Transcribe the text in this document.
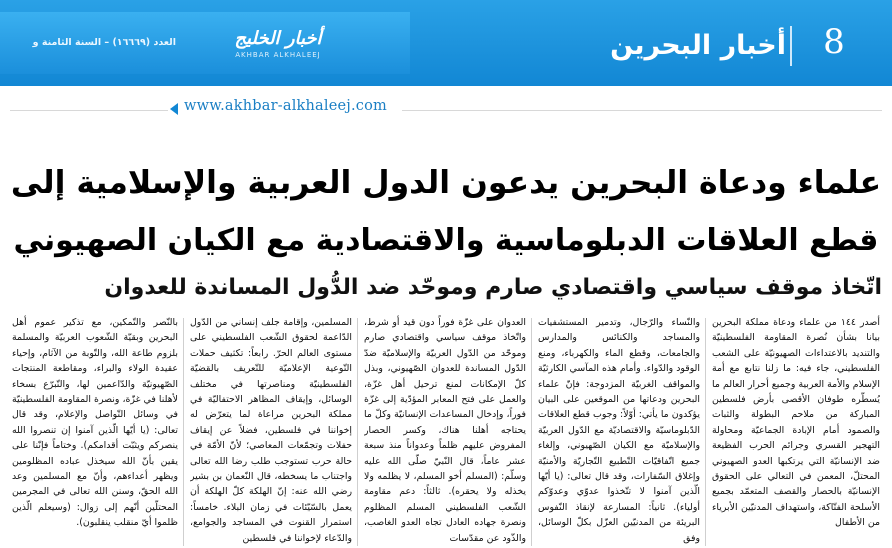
العدد (١٦٦٦٩) – السنة الثامنة و	أخبار الخليج
AKHBAR ALKHALEEJ	أخبار البحرين	8
www.akhbar-alkhaleej.com
علماء ودعاة البحرين يدعون الدول العربية والإسلامية إلى
قطع العلاقات الدبلوماسية والاقتصادية مع الكيان الصهيوني
اتّخاذ موقف سياسي واقتصادي صارم وموحّد ضد الدُّول المساندة للعدوان
أصدر ١٤٤ من علماء ودعاة مملكة البحرين بيانا بشأن نُصرة المقاومة الفلسطينيّة والتنديد بالاعتداءات الصهيونيّة على الشعب الفلسطيني، جاء فيه: ما زلنا نتابع مع أمة الإسلام والأمة العربية وجميع أحرار العالم ما يُسطّره طوفان الأقصى بأرض فلسطين المباركة من ملاحم البطولة والثبات والصمود أمام الإبادة الجماعيّة ومحاولة التهجير القسري وجرائم الحرب الفظيعة ضد الإنسانيّة التي يرتكبها العدو الصهيوني المحتلّ، المعمن في التعالي على الحقوق الإنسانيّة بالحصار والقصف المتعمّد بجميع الأسلحة الفتّاكة، واستهداف المدنيّين الأبرياء من الأطفال
والنّساء والرّجال، وتدمير المستشفيات والمساجد والكنائس والمدارس والجامعات، وقطع الماء والكهرباء، ومنع الوقود والدّواء. وأمام هذه المآسي الكارثيّة والمواقف الغربيّة المزدوجة: فإنّ علماء البحرين ودعاتها من الموقعين على البيان يؤكدون ما يأتي: أوّلاً: وجوب قطع العلاقات الدّبلوماسيّة والاقتصاديّة مع الدّول العربيّة والإسلاميّة مع الكيان الصّهيوني، وإلغاء جميع اتّفاقيّات التّطبيع التّجاريّة والأمنيّة وإغلاق السّفارات، وقد قال تعالى: (يا أيّها الّذين آمنوا لا تتّخذوا عدوّي وعدوّكم أولياء). ثانياً: المسارعة لإنقاذ النّفوس البريئة من المدنيّين العزّل بكلّ الوسائل، وفق
العدوان على غزّة فوراً دون قيد أو شرط، واتّخاذ موقف سياسي واقتصادي صارم وموحّد من الدّول العربيّة والإسلاميّة ضدّ الدّول المساندة للعدوان الصّهيوني، وبذل كلّ الإمكانات لمنع ترحيل أهل غزّة، والعمل على فتح المعابر المؤدّية إلى غزّة فوراً، وإدخال المساعدات الإنسانيّة وكلّ ما يحتاجه أهلنا هناك، وكسر الحصار المفروض عليهم ظلماً وعدواناً منذ سبعة عشر عاماً، قال النّبيّ صلّى الله عليه وسلّم: (المسلم أخو المسلم، لا يظلمه ولا يخذله ولا يحقره). ثالثاً: دعم مقاومة الشّعب الفلسطيني المسلم المظلوم ونصرة جهاده العادل تجاه العدو الغاصب، والذّود عن مقدّسات
المسلمين، وإقامة جلف إنساني من الدّول الدّاعمة لحقوق الشّعب الفلسطيني على مستوى العالم الحرّ. رابعاً: تكثيف حملات التّوعية الإعلاميّة للتّعريف بالقضيّة الفلسطينيّة ومناصرتها في مختلف الوسائل، وإيقاف المظاهر الاحتفاليّة في مملكة البحرين مراعاة لما يتعرّض له إخواننا في فلسطين، فضلاً عن إيقاف حفلات وتجمّعات المعاصي؛ لأنّ الأمّة في حالة حرب تستوجب طلب رضا الله تعالى واجتناب ما يسخطه، قال النّعمان بن بشير رضي الله عنه: إنّ الهلكة كلّ الهلكة أن يعمل بالسّيّئات في زمان البلاء. خامساً: استمرار القنوت في المساجد والجوامع، والدّعاء لإخواننا في فلسطين
بالنّصر والتّمكين، مع تذكير عموم أهل البحرين وبقيّة الشّعوب العربيّة والمسلمة بلزوم طاعة الله، والتّوبة من الآثام، وإحياء عقيدة الولاء والبراء، ومقاطعة المنتجات الصّهيونيّة والدّاعمين لها، والتّبرّع بسخاء لأهلنا في غزّة، ونصرة المقاومة الفلسطينيّة في وسائل التّواصل والإعلام، وقد قال تعالى: (يا أيّها الّذين آمنوا إن تنصروا الله ينصركم ويثبّت أقدامكم). وختاماً فإنّنا على يقين بأنّ الله سيخذل عباده المظلومين ويظهر أعداءهم، وأنّ مع المسلمين وعد الله الحقّ، وسنن الله تعالى في المجرمين المحتلّين أنّهم إلى زوال: (وسيعلم الّذين ظلموا أيّ منقلب ينقلبون).
